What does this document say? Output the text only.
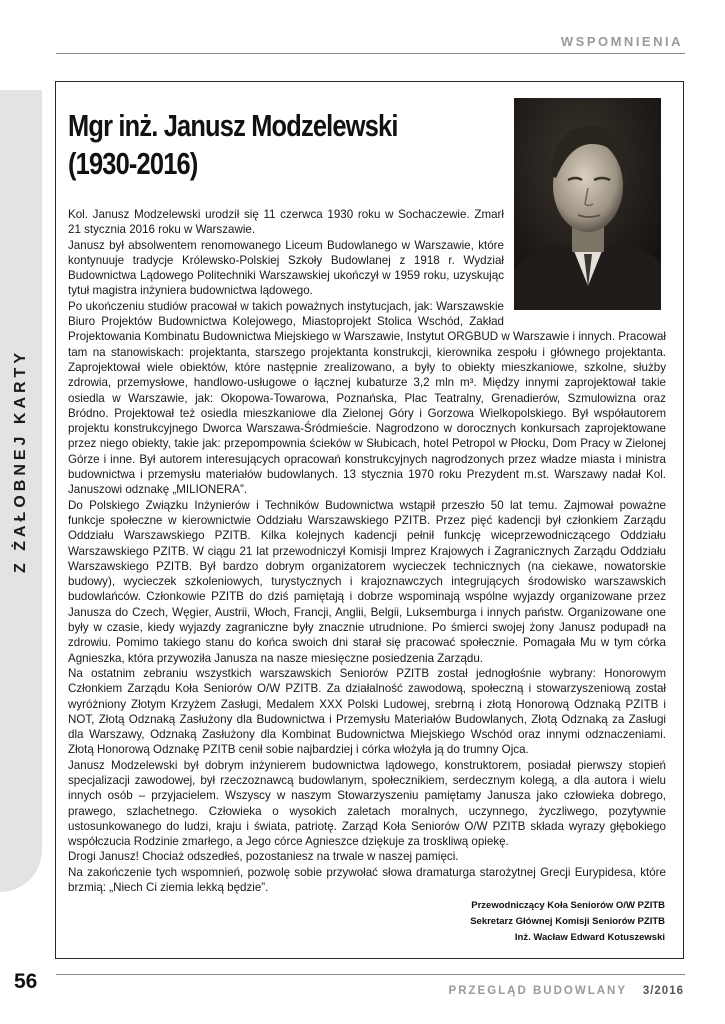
WSPOMNIENIA
Z ŻAŁOBNEJ KARTY
Mgr inż. Janusz Modzelewski
(1930-2016)

Kol. Janusz Modzelewski urodził się 11 czerwca 1930 roku w Sochaczewie. Zmarł 21 stycznia 2016 roku w Warszawie.

Janusz był absolwentem renomowanego Liceum Budowlanego w Warszawie, które kontynuuje tradycje Królewsko-Polskiej Szkoły Budowlanej z 1918 r. Wydział Budownictwa Lądowego Politechniki Warszawskiej ukończył w 1959 roku, uzyskując tytuł magistra inżyniera budownictwa lądowego.

Po ukończeniu studiów pracował w takich poważnych instytucjach, jak: Warszawskie Biuro Projektów Budownictwa Kolejowego, Miastoprojekt Stolica Wschód, Zakład Projektowania Kombinatu Budownictwa Miejskiego w Warszawie, Instytut ORGBUD w Warszawie i innych. Pracował tam na stanowiskach: projektanta, starszego projektanta konstrukcji, kierownika zespołu i głównego projektanta. Zaprojektował wiele obiektów, które następnie zrealizowano, a były to obiekty mieszkaniowe, szkolne, służby zdrowia, przemysłowe, handlowo-usługowe o łącznej kubaturze 3,2 mln m³. Między innymi zaprojektował takie osiedla w Warszawie, jak: Okopowa-Towarowa, Poznańska, Plac Teatralny, Grenadierów, Szmulowizna oraz Bródno. Projektował też osiedla mieszkaniowe dla Zielonej Góry i Gorzowa Wielkopolskiego. Był współautorem projektu konstrukcyjnego Dworca Warszawa-Śródmieście. Nagrodzono w dorocznych konkursach zaprojektowane przez niego obiekty, takie jak: przepompownia ścieków w Słubicach, hotel Petropol w Płocku, Dom Pracy w Zielonej Górze i inne. Był autorem interesujących opracowań konstrukcyjnych nagrodzonych przez władze miasta i ministra budownictwa i przemysłu materiałów budowlanych. 13 stycznia 1970 roku Prezydent m.st. Warszawy nadał Kol. Januszowi odznakę „MILIONERA”.

Do Polskiego Związku Inżynierów i Techników Budownictwa wstąpił przeszło 50 lat temu. Zajmował poważne funkcje społeczne w kierownictwie Oddziału Warszawskiego PZITB. Przez pięć kadencji był członkiem Zarządu Oddziału Warszawskiego PZITB. Kilka kolejnych kadencji pełnił funkcję wiceprzewodniczącego Oddziału Warszawskiego PZITB. W ciągu 21 lat przewodniczył Komisji Imprez Krajowych i Zagranicznych Zarządu Oddziału Warszawskiego PZITB. Był bardzo dobrym organizatorem wycieczek technicznych (na ciekawe, nowatorskie budowy), wycieczek szkoleniowych, turystycznych i krajoznawczych integrujących środowisko warszawskich budowlańców. Członkowie PZITB do dziś pamiętają i dobrze wspominają wspólne wyjazdy organizowane przez Janusza do Czech, Węgier, Austrii, Włoch, Francji, Anglii, Belgii, Luksemburga i innych państw. Organizowane one były w czasie, kiedy wyjazdy zagraniczne były znacznie utrudnione. Po śmierci swojej żony Janusz podupadł na zdrowiu. Pomimo takiego stanu do końca swoich dni starał się pracować społecznie. Pomagała Mu w tym córka Agnieszka, która przywoziła Janusza na nasze miesięczne posiedzenia Zarządu.

Na ostatnim zebraniu wszystkich warszawskich Seniorów PZITB został jednogłośnie wybrany: Honorowym Członkiem Zarządu Koła Seniorów O/W PZITB. Za działalność zawodową, społeczną i stowarzyszeniową został wyróżniony Złotym Krzyżem Zasługi, Medalem XXX Polski Ludowej, srebrną i złotą Honorową Odznaką PZITB i NOT, Złotą Odznaką Zasłużony dla Budownictwa i Przemysłu Materiałów Budowlanych, Złotą Odznaką za Zasługi dla Warszawy, Odznaką Zasłużony dla Kombinat Budownictwa Miejskiego Wschód oraz innymi odznaczeniami. Złotą Honorową Odznakę PZITB cenił sobie najbardziej i córka włożyła ją do trumny Ojca.

Janusz Modzelewski był dobrym inżynierem budownictwa lądowego, konstruktorem, posiadał pierwszy stopień specjalizacji zawodowej, był rzeczoznawcą budowlanym, społecznikiem, serdecznym kolegą, a dla autora i wielu innych osób – przyjacielem. Wszyscy w naszym Stowarzyszeniu pamiętamy Janusza jako człowieka dobrego, prawego, szlachetnego. Człowieka o wysokich zaletach moralnych, uczynnego, życzliwego, pozytywnie ustosunkowanego do ludzi, kraju i świata, patriotę. Zarząd Koła Seniorów O/W PZITB składa wyrazy głębokiego współczucia Rodzinie zmarłego, a Jego córce Agnieszce dziękuje za troskliwą opiekę.

Drogi Janusz! Chociaż odszedłeś, pozostaniesz na trwale w naszej pamięci.

Na zakończenie tych wspomnień, pozwolę sobie przywołać słowa dramaturga starożytnej Grecji Eurypidesa, które brzmią: „Niech Ci ziemia lekką będzie”.

Przewodniczący Koła Seniorów O/W PZITB
Sekretarz Głównej Komisji Seniorów PZITB
Inż. Wacław Edward Kotuszewski
56	PRZEGLĄD BUDOWLANY 3/2016
